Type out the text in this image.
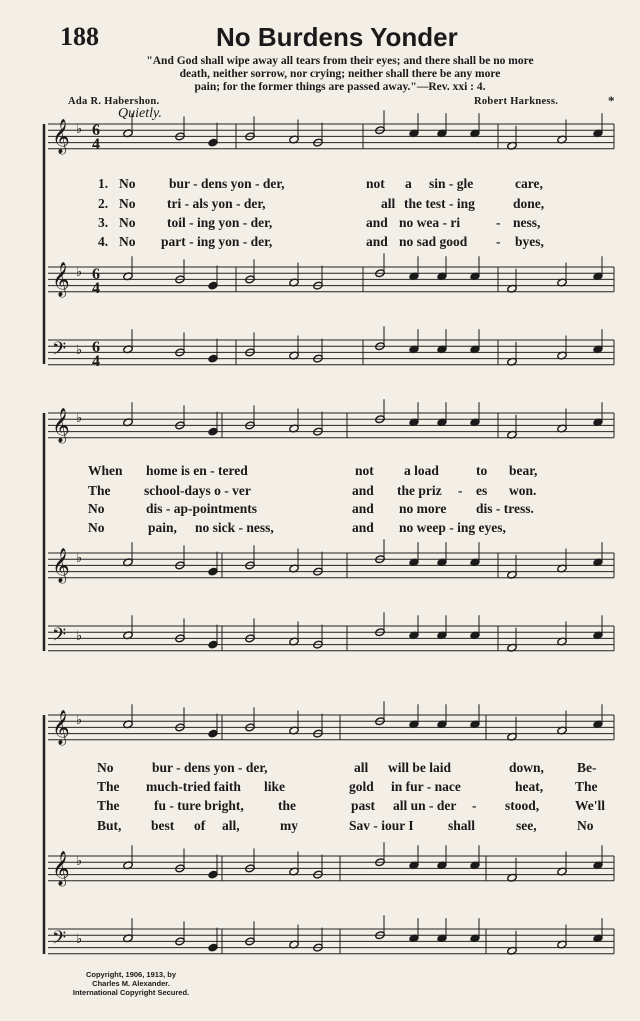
188	No Burdens Yonder
"And God shall wipe away all tears from their eyes; and there shall be no more
death, neither sorrow, nor crying; neither shall there be any more
pain; for the former things are passed away."—Rev. xxi : 4.
Ada R. Habershon.	Robert Harkness.	*
Quietly.
𝄞 ♭
𝄞 ♭
𝄢 ♭
𝄞 ♭
𝄞 ♭
𝄢 ♭
𝄞 ♭
𝄞 ♭
𝄢 ♭
6
4
6
4
6
4
1.
2.
3.
4.
No bur - dens yon - der,	not a sin - gle	care,
No tri - als yon - der,	all the test - ing	done,
No toil - ing yon - der,	and no wea - ri	- ness,
No part - ing yon - der,	and no sad good - byes,
When home is en - tered	not a load	to bear,
The school-days o - ver	and the priz - es won.
No	dis - ap-pointments	and no more dis - tress.
No	pain, no sick - ness,	and no weep - ing eyes,
No	bur - dens yon - der,	all will be laid	down, Be-
The much-tried faith like	gold in fur - nace	heat, The
The	fu - ture bright,	the	past all un - der - stood,	We'll
But, best of all,	my	Sav - iour I	shall	see,	No
Copyright, 1906, 1913, by
Charles M. Alexander.
International Copyright Secured.
